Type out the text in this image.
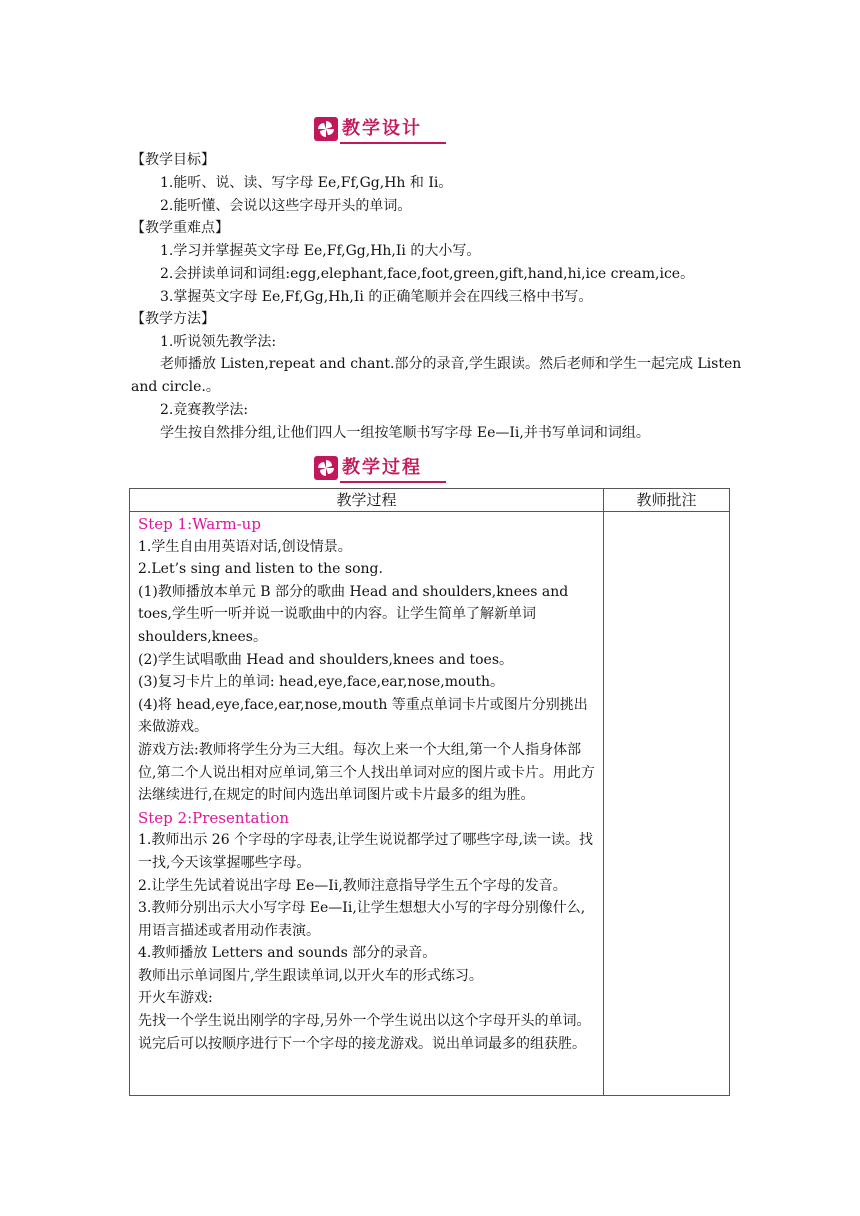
教学设计
【教学目标】
1.能听、说、读、写字母 Ee,Ff,Gg,Hh 和 Ii。
2.能听懂、会说以这些字母开头的单词。
【教学重难点】
1.学习并掌握英文字母 Ee,Ff,Gg,Hh,Ii 的大小写。
2.会拼读单词和词组:egg,elephant,face,foot,green,gift,hand,hi,ice cream,ice。
3.掌握英文字母 Ee,Ff,Gg,Hh,Ii 的正确笔顺并会在四线三格中书写。
【教学方法】
1.听说领先教学法:
老师播放 Listen,repeat and chant.部分的录音,学生跟读。然后老师和学生一起完成 Listen
and circle.。
2.竞赛教学法:
学生按自然排分组,让他们四人一组按笔顺书写字母 Ee—Ii,并书写单词和词组。
教学过程
教学过程	教师批注

Step 1:Warm-up

1.学生自由用英语对话,创设情景。

2.Let’s sing and listen to the song.

(1)教师播放本单元 B 部分的歌曲 Head and shoulders,knees and toes,学生听一听并说一说歌曲中的内容。让学生简单了解新单词 shoulders,knees。

(2)学生试唱歌曲 Head and shoulders,knees and toes。

(3)复习卡片上的单词: head,eye,face,ear,nose,mouth。

(4)将 head,eye,face,ear,nose,mouth 等重点单词卡片或图片分别挑出来做游戏。

游戏方法:教师将学生分为三大组。每次上来一个大组,第一个人指身体部位,第二个人说出相对应单词,第三个人找出单词对应的图片或卡片。用此方法继续进行,在规定的时间内选出单词图片或卡片最多的组为胜。

Step 2:Presentation

1.教师出示 26 个字母的字母表,让学生说说都学过了哪些字母,读一读。找一找,今天该掌握哪些字母。

2.让学生先试着说出字母 Ee—Ii,教师注意指导学生五个字母的发音。

3.教师分别出示大小写字母 Ee—Ii,让学生想想大小写的字母分别像什么,用语言描述或者用动作表演。

4.教师播放 Letters and sounds 部分的录音。

教师出示单词图片,学生跟读单词,以开火车的形式练习。

开火车游戏:

先找一个学生说出刚学的字母,另外一个学生说出以这个字母开头的单词。说完后可以按顺序进行下一个字母的接龙游戏。说出单词最多的组获胜。
